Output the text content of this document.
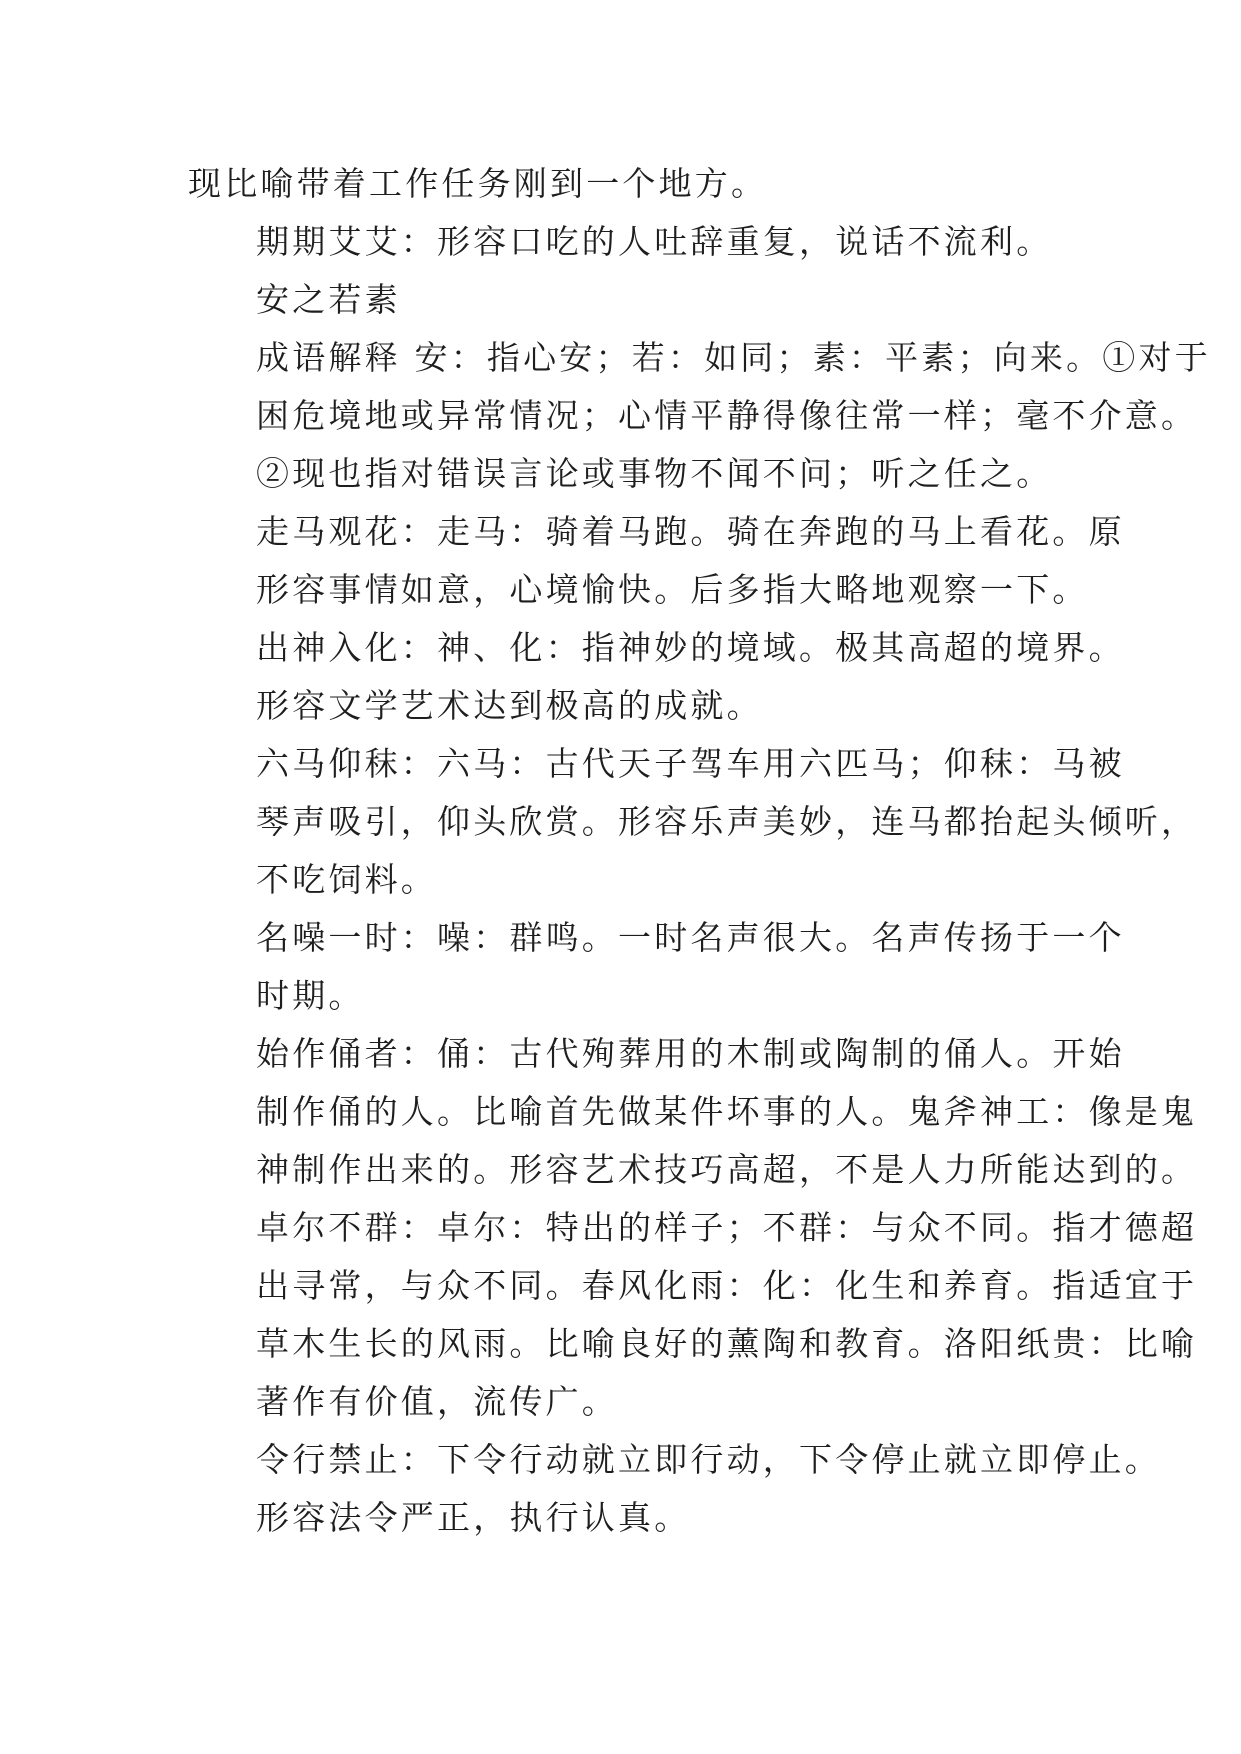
现比喻带着工作任务刚到一个地方。
期期艾艾：形容口吃的人吐辞重复，说话不流利。
安之若素
成语解释 安：指心安；若：如同；素：平素；向来。①对于
困危境地或异常情况；心情平静得像往常一样；毫不介意。
②现也指对错误言论或事物不闻不问；听之任之。
走马观花：走马：骑着马跑。骑在奔跑的马上看花。原
形容事情如意，心境愉快。后多指大略地观察一下。
出神入化：神、化：指神妙的境域。极其高超的境界。
形容文学艺术达到极高的成就。
六马仰秣：六马：古代天子驾车用六匹马；仰秣：马被
琴声吸引，仰头欣赏。形容乐声美妙，连马都抬起头倾听，
不吃饲料。
名噪一时：噪：群鸣。一时名声很大。名声传扬于一个
时期。
始作俑者：俑：古代殉葬用的木制或陶制的俑人。开始
制作俑的人。比喻首先做某件坏事的人。鬼斧神工：像是鬼
神制作出来的。形容艺术技巧高超，不是人力所能达到的。
卓尔不群：卓尔：特出的样子；不群：与众不同。指才德超
出寻常，与众不同。春风化雨：化：化生和养育。指适宜于
草木生长的风雨。比喻良好的薰陶和教育。洛阳纸贵：比喻
著作有价值，流传广。
令行禁止：下令行动就立即行动，下令停止就立即停止。
形容法令严正，执行认真。
